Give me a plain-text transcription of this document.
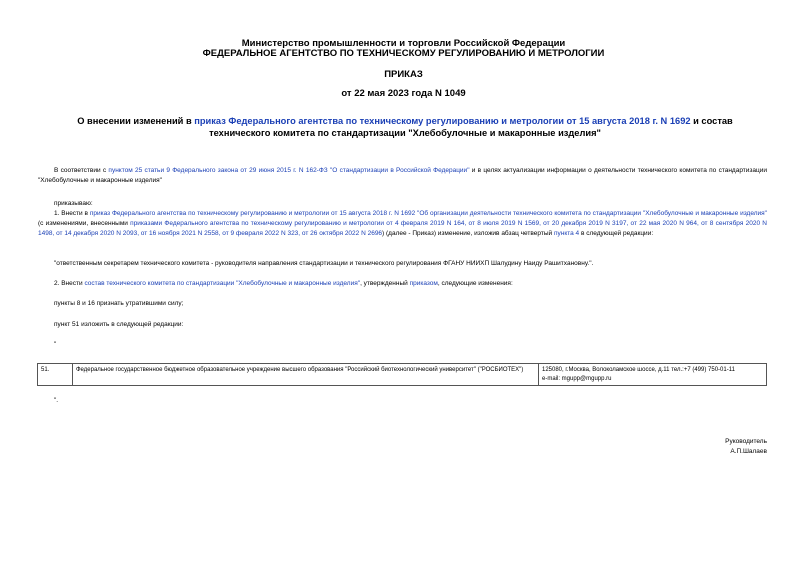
Министерство промышленности и торговли Российской Федерации
ФЕДЕРАЛЬНОЕ АГЕНТСТВО ПО ТЕХНИЧЕСКОМУ РЕГУЛИРОВАНИЮ И МЕТРОЛОГИИ
ПРИКАЗ
от 22 мая 2023 года N 1049
О внесении изменений в приказ Федерального агентства по техническому регулированию и метрологии от 15 августа 2018 г. N 1692 и состав технического комитета по стандартизации "Хлебобулочные и макаронные изделия"
В соответствии с пунктом 25 статьи 9 Федерального закона от 29 июня 2015 г. N 162-ФЗ "О стандартизации в Российской Федерации" и в целях актуализации информации о деятельности технического комитета по стандартизации "Хлебобулочные и макаронные изделия"
приказываю:
1. Внести в приказ Федерального агентства по техническому регулированию и метрологии от 15 августа 2018 г. N 1692 "Об организации деятельности технического комитета по стандартизации "Хлебобулочные и макаронные изделия" (с изменениями, внесенными приказами Федерального агентства по техническому регулированию и метрологии от 4 февраля 2019 N 164, от 8 июля 2019 N 1569, от 20 декабря 2019 N 3197, от 22 мая 2020 N 964, от 8 сентября 2020 N 1498, от 14 декабря 2020 N 2093, от 16 ноября 2021 N 2558, от 9 февраля 2022 N 323, от 26 октября 2022 N 2696) (далее - Приказ) изменение, изложив абзац четвертый пункта 4 в следующей редакции:
"ответственным секретарем технического комитета - руководителя направления стандартизации и технического регулирования ФГАНУ НИИХП Шалудину Наиду Рашитхановну.".
2. Внести состав технического комитета по стандартизации "Хлебобулочные и макаронные изделия", утвержденный приказом, следующие изменения:
пункты 8 и 16 признать утратившими силу;
пункт 51 изложить в следующей редакции:
"
51.	Федеральное государственное бюджетное образовательное учреждение высшего образования "Российский биотехнологический университет" ("РОСБИОТЕХ")	125080, г.Москва, Волоколамское шоссе, д.11 тел.:+7 (499) 750-01-11
e-mail: mgupp@mgupp.ru
".
Руководитель
А.П.Шалаев
